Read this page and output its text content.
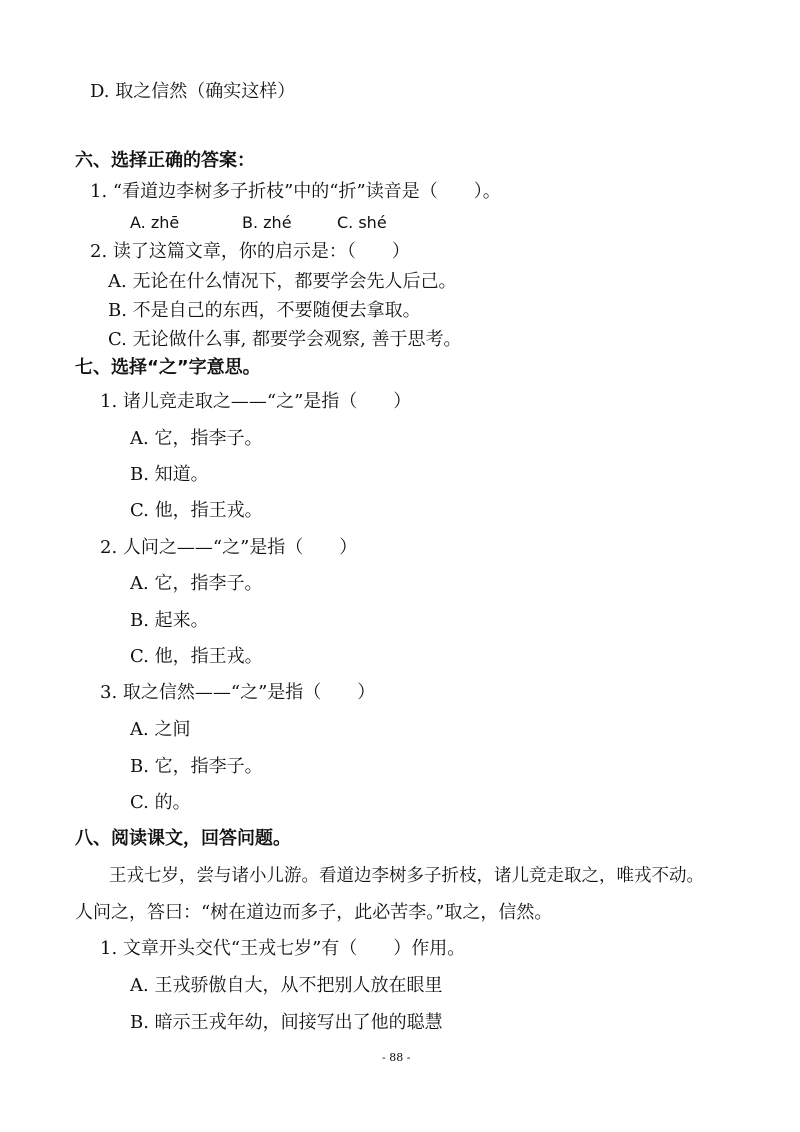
D. 取之信然（确实这样）
六、选择正确的答案：
1. “看道边李树多子折枝”中的“折”读音是（　　）。
A. zhē	B. zhé	C. shé
2. 读了这篇文章，你的启示是：（　　）
A. 无论在什么情况下，都要学会先人后己。
B. 不是自己的东西，不要随便去拿取。
C. 无论做什么事, 都要学会观察, 善于思考。
七、选择“之”字意思。
1. 诸儿竞走取之——“之”是指（　　）
A. 它，指李子。
B. 知道。
C. 他，指王戎。
2. 人问之——“之”是指（　　）
A. 它，指李子。
B. 起来。
C. 他，指王戎。
3. 取之信然——“之”是指（　　）
A. 之间
B. 它，指李子。
C. 的。
八、阅读课文，回答问题。
王戎七岁，尝与诸小儿游。看道边李树多子折枝，诸儿竞走取之，唯戎不动。
人问之，答曰：“树在道边而多子，此必苦李。”取之，信然。
1. 文章开头交代“王戎七岁”有（　　）作用。
A. 王戎骄傲自大，从不把别人放在眼里
B. 暗示王戎年幼，间接写出了他的聪慧
- 88 -
